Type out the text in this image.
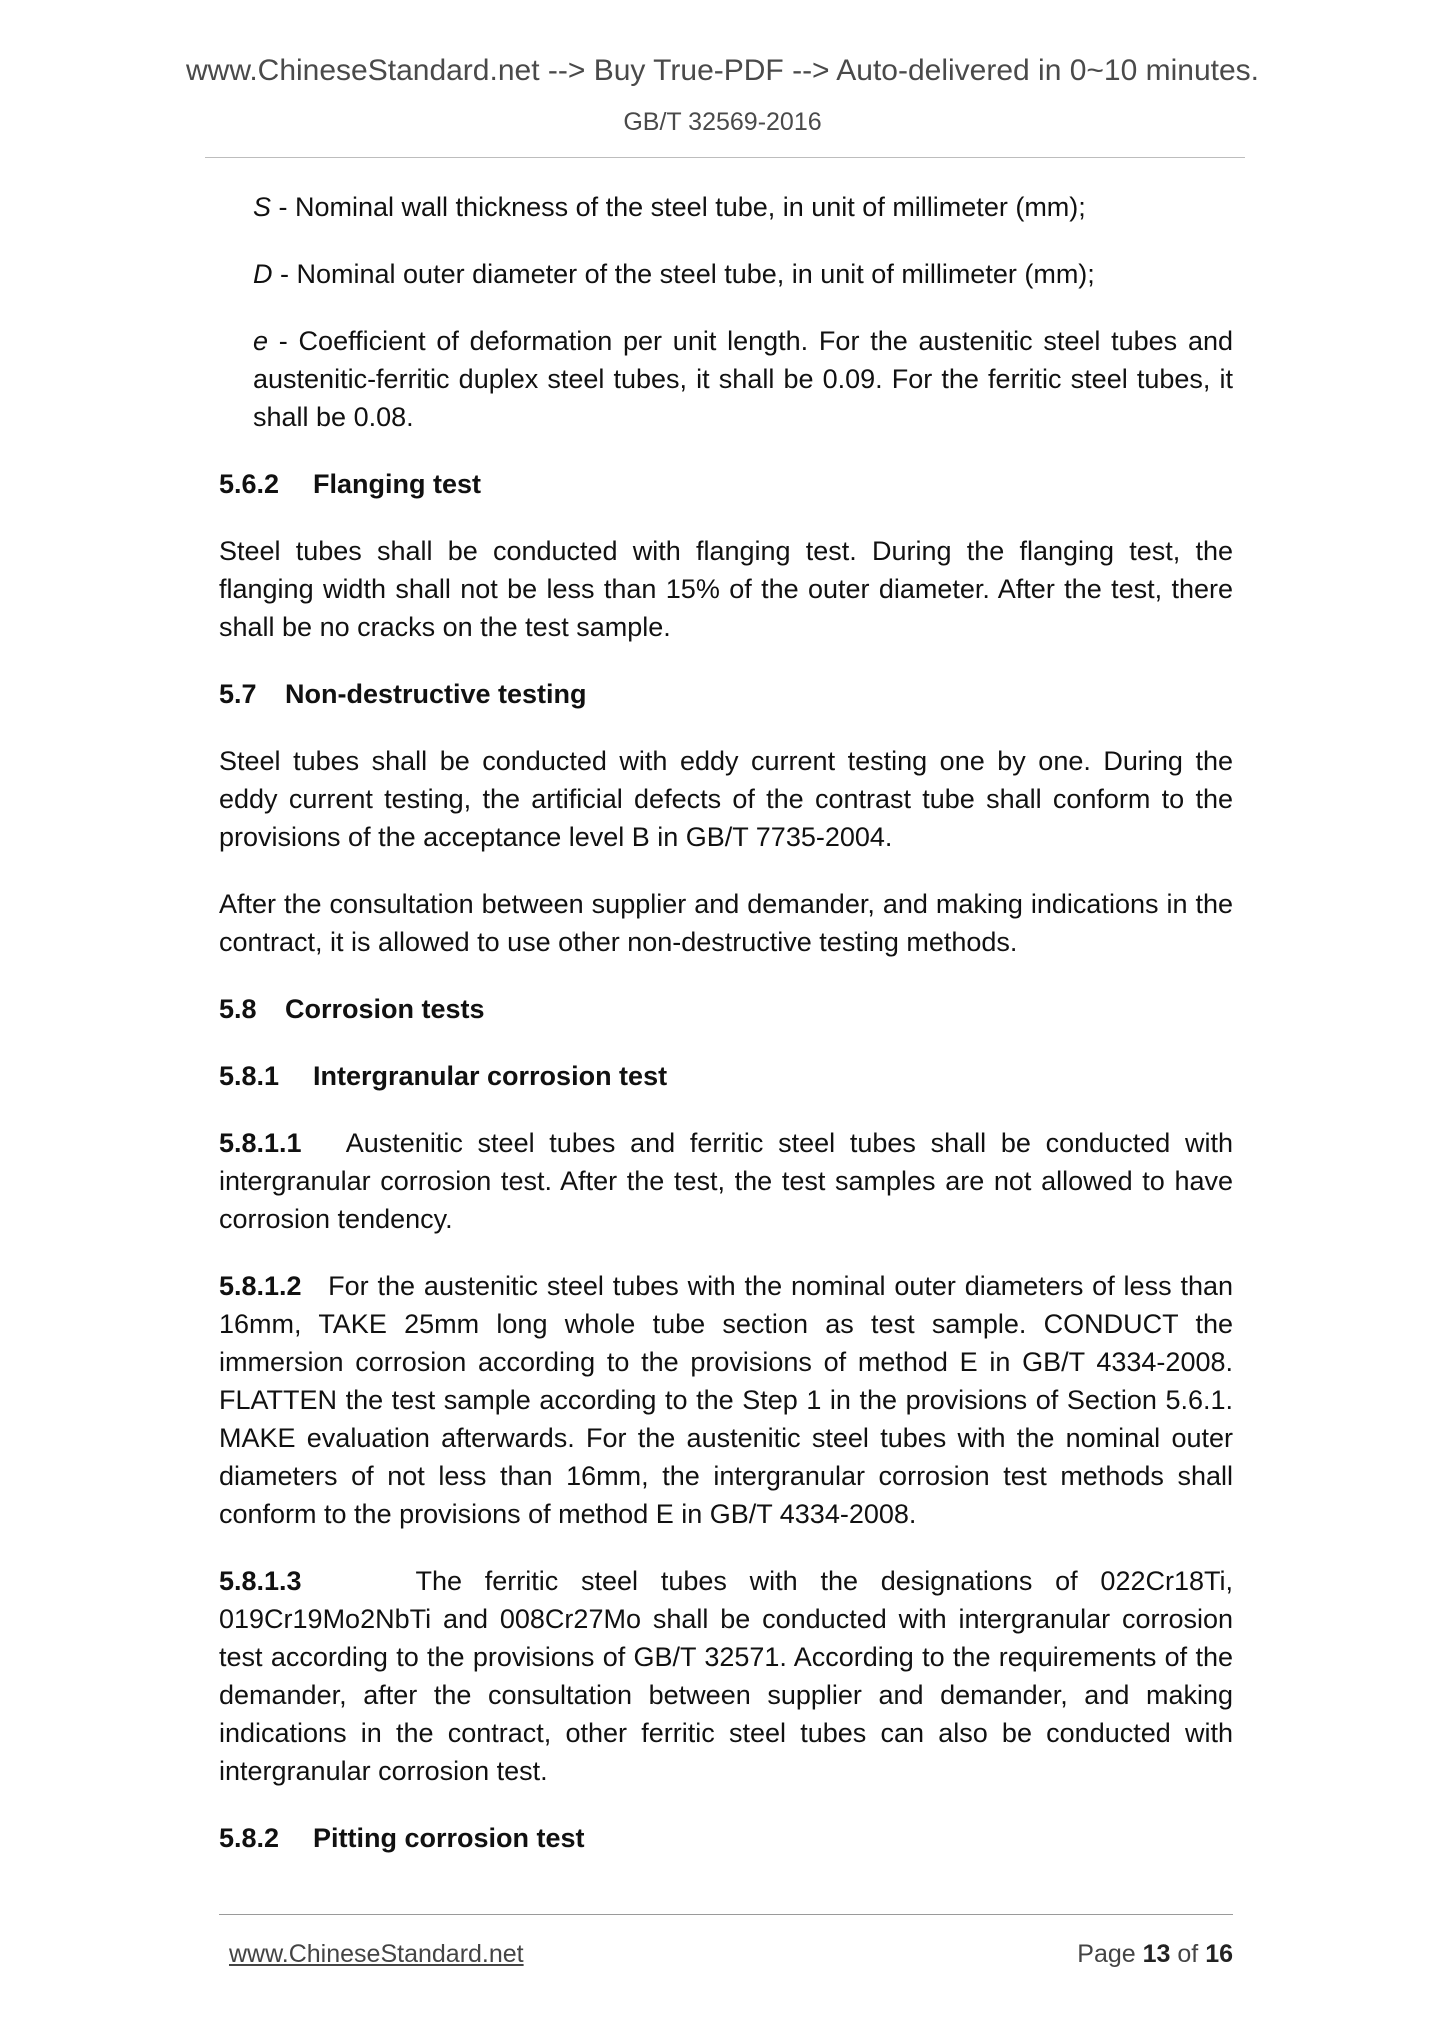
www.ChineseStandard.net --> Buy True-PDF --> Auto-delivered in 0~10 minutes.
GB/T 32569-2016

S - Nominal wall thickness of the steel tube, in unit of millimeter (mm);

D - Nominal outer diameter of the steel tube, in unit of millimeter (mm);

e - Coefficient of deformation per unit length. For the austenitic steel tubes and austenitic-ferritic duplex steel tubes, it shall be 0.09. For the ferritic steel tubes, it shall be 0.08.

5.6.2 Flanging test

Steel tubes shall be conducted with flanging test. During the flanging test, the flanging width shall not be less than 15% of the outer diameter. After the test, there shall be no cracks on the test sample.

5.7 Non-destructive testing

Steel tubes shall be conducted with eddy current testing one by one. During the eddy current testing, the artificial defects of the contrast tube shall conform to the provisions of the acceptance level B in GB/T 7735-2004.

After the consultation between supplier and demander, and making indications in the contract, it is allowed to use other non-destructive testing methods.

5.8 Corrosion tests
5.8.1 Intergranular corrosion test

5.8.1.1 Austenitic steel tubes and ferritic steel tubes shall be conducted with intergranular corrosion test. After the test, the test samples are not allowed to have corrosion tendency.

5.8.1.2 For the austenitic steel tubes with the nominal outer diameters of less than 16mm, TAKE 25mm long whole tube section as test sample. CONDUCT the immersion corrosion according to the provisions of method E in GB/T 4334-2008. FLATTEN the test sample according to the Step 1 in the provisions of Section 5.6.1. MAKE evaluation afterwards. For the austenitic steel tubes with the nominal outer diameters of not less than 16mm, the intergranular corrosion test methods shall conform to the provisions of method E in GB/T 4334-2008.

5.8.1.3	The ferritic steel tubes with the designations of 022Cr18Ti, 019Cr19Mo2NbTi and 008Cr27Mo shall be conducted with intergranular corrosion test according to the provisions of GB/T 32571. According to the requirements of the demander, after the consultation between supplier and demander, and making indications in the contract, other ferritic steel tubes can also be conducted with intergranular corrosion test.

5.8.2 Pitting corrosion test
www.ChineseStandard.net	Page 13 of 16
